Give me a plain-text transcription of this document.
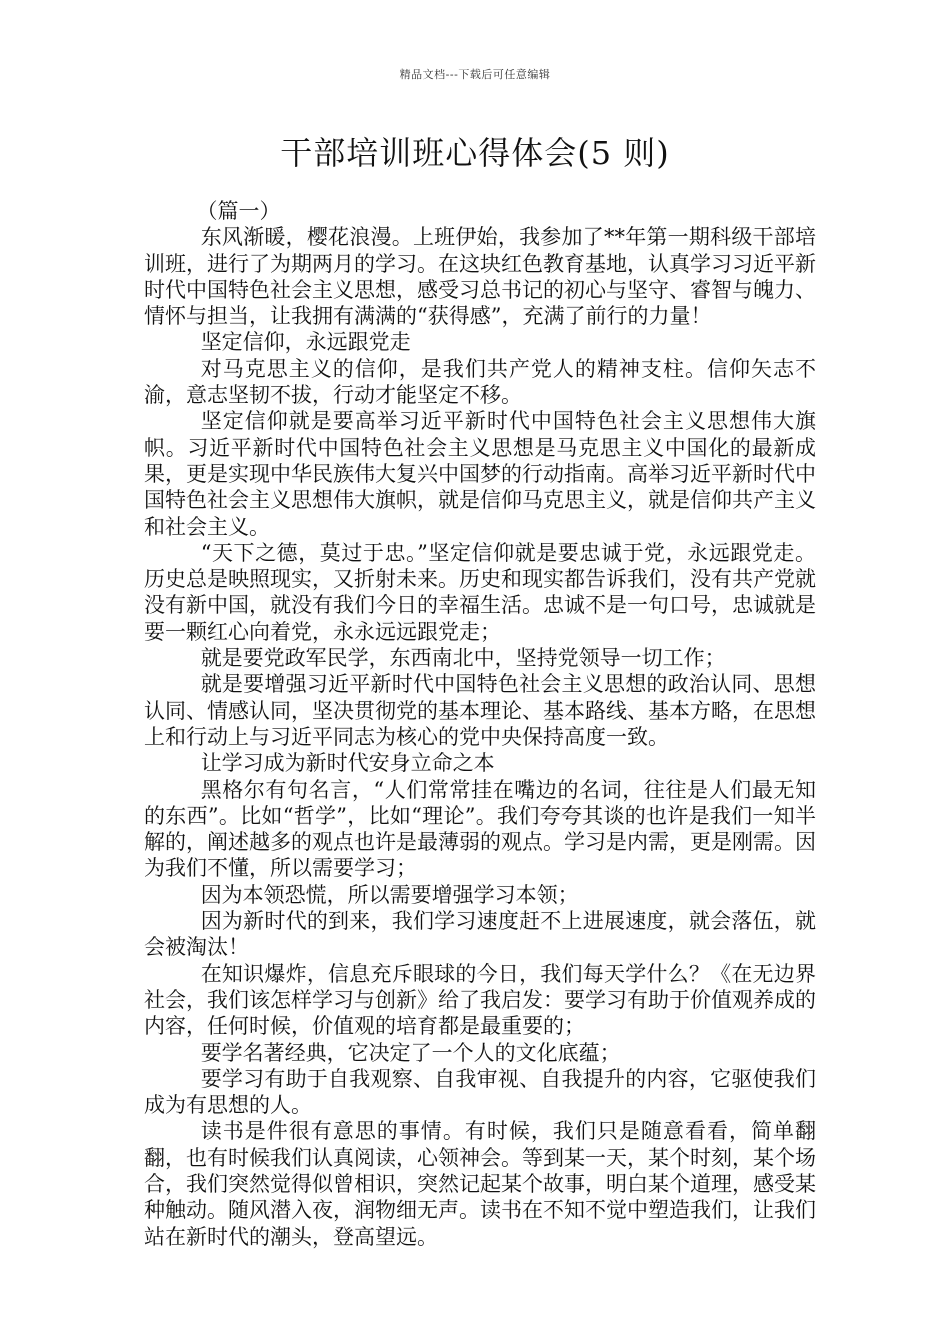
精品文档---下载后可任意编辑
干部培训班心得体会(5 则)

（篇一）

东风渐暖，樱花浪漫。上班伊始，我参加了**年第一期科级干部培训班，进行了为期两月的学习。在这块红色教育基地，认真学习习近平新时代中国特色社会主义思想，感受习总书记的初心与坚守、睿智与魄力、情怀与担当，让我拥有满满的“获得感”，充满了前行的力量！

坚定信仰，永远跟党走

对马克思主义的信仰，是我们共产党人的精神支柱。信仰矢志不渝，意志坚韧不拔，行动才能坚定不移。

坚定信仰就是要高举习近平新时代中国特色社会主义思想伟大旗帜。习近平新时代中国特色社会主义思想是马克思主义中国化的最新成果，更是实现中华民族伟大复兴中国梦的行动指南。高举习近平新时代中国特色社会主义思想伟大旗帜，就是信仰马克思主义，就是信仰共产主义和社会主义。

“天下之德，莫过于忠。”坚定信仰就是要忠诚于党，永远跟党走。历史总是映照现实，又折射未来。历史和现实都告诉我们，没有共产党就没有新中国，就没有我们今日的幸福生活。忠诚不是一句口号，忠诚就是要一颗红心向着党，永永远远跟党走；

就是要党政军民学，东西南北中，坚持党领导一切工作；

就是要增强习近平新时代中国特色社会主义思想的政治认同、思想认同、情感认同，坚决贯彻党的基本理论、基本路线、基本方略，在思想上和行动上与习近平同志为核心的党中央保持高度一致。

让学习成为新时代安身立命之本

黑格尔有句名言，“人们常常挂在嘴边的名词，往往是人们最无知的东西”。比如“哲学”，比如“理论”。我们夸夸其谈的也许是我们一知半解的，阐述越多的观点也许是最薄弱的观点。学习是内需，更是刚需。因为我们不懂，所以需要学习；

因为本领恐慌，所以需要增强学习本领；

因为新时代的到来，我们学习速度赶不上进展速度，就会落伍，就会被淘汰！

在知识爆炸，信息充斥眼球的今日，我们每天学什么？《在无边界社会，我们该怎样学习与创新》给了我启发：要学习有助于价值观养成的内容，任何时候，价值观的培育都是最重要的；

要学名著经典，它决定了一个人的文化底蕴；

要学习有助于自我观察、自我审视、自我提升的内容，它驱使我们成为有思想的人。

读书是件很有意思的事情。有时候，我们只是随意看看，简单翻翻，也有时候我们认真阅读，心领神会。等到某一天，某个时刻，某个场合，我们突然觉得似曾相识，突然记起某个故事，明白某个道理，感受某种触动。随风潜入夜，润物细无声。读书在不知不觉中塑造我们，让我们站在新时代的潮头，登高望远。
